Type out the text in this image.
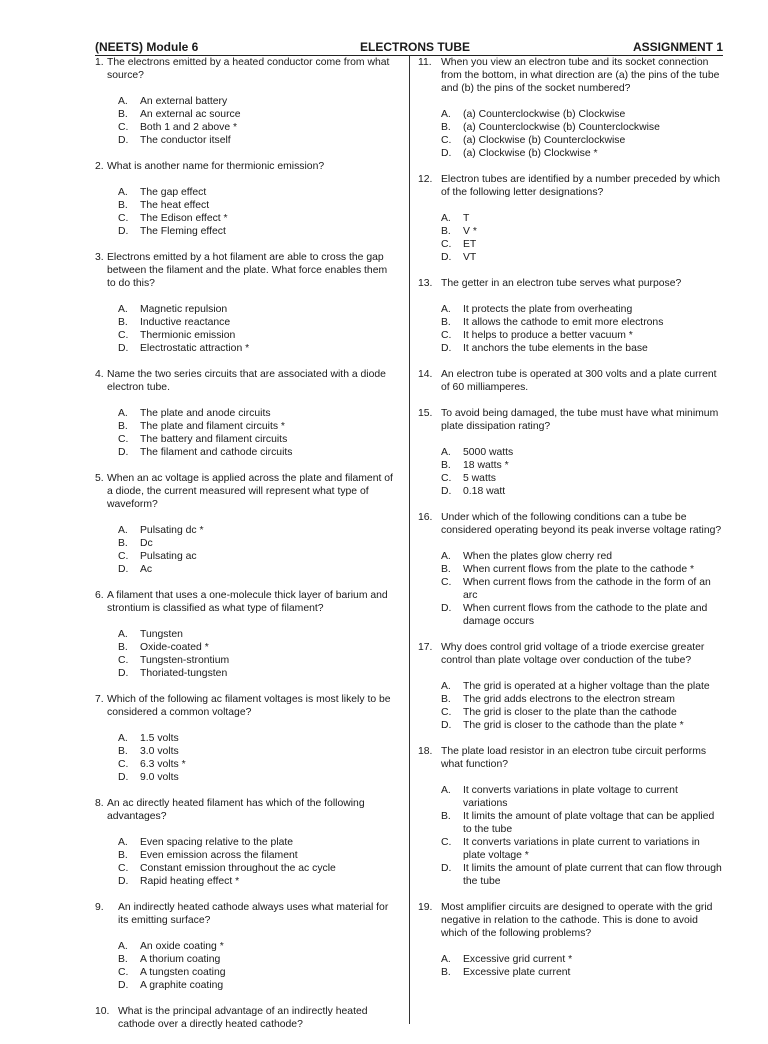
(NEETS) Module 6	ELECTRONS TUBE	ASSIGNMENT 1
1. The electrons emitted by a heated conductor come from what source?
A.	An external battery
B.	An external ac source
C.	Both 1 and 2 above *
D.	The conductor itself
2. What is another name for thermionic emission?
A.	The gap effect
B.	The heat effect
C.	The Edison effect *
D.	The Fleming effect
3. Electrons emitted by a hot filament are able to cross the gap between the filament and the plate. What force enables them to do this?
A.	Magnetic repulsion
B.	Inductive reactance
C.	Thermionic emission
D.	Electrostatic attraction *
4. Name the two series circuits that are associated with a diode electron tube.
A.	The plate and anode circuits
B.	The plate and filament circuits *
C.	The battery and filament circuits
D.	The filament and cathode circuits
5. When an ac voltage is applied across the plate and filament of a diode, the current measured will represent what type of waveform?
A.	Pulsating dc *
B.	Dc
C.	Pulsating ac
D.	Ac
6. A filament that uses a one-molecule thick layer of barium and strontium is classified as what type of filament?
A.	Tungsten
B.	Oxide-coated *
C.	Tungsten-strontium
D.	Thoriated-tungsten
7. Which of the following ac filament voltages is most likely to be considered a common voltage?
A.	1.5 volts
B.	3.0 volts
C.	6.3 volts *
D.	9.0 volts
8. An ac directly heated filament has which of the following advantages?
A.	Even spacing relative to the plate
B.	Even emission across the filament
C.	Constant emission throughout the ac cycle
D.	Rapid heating effect *
9.	An indirectly heated cathode always uses what material for its emitting surface?
A.	An oxide coating *
B.	A thorium coating
C.	A tungsten coating
D.	A graphite coating
10. What is the principal advantage of an indirectly heated cathode over a directly heated cathode?
11. When you view an electron tube and its socket connection from the bottom, in what direction are (a) the pins of the tube and (b) the pins of the socket numbered?
A.	(a) Counterclockwise (b) Clockwise
B.	(a) Counterclockwise (b) Counterclockwise
C.	(a) Clockwise (b) Counterclockwise
D.	(a) Clockwise (b) Clockwise *
12. Electron tubes are identified by a number preceded by which of the following letter designations?
A.	T
B.	V *
C.	ET
D.	VT
13. The getter in an electron tube serves what purpose?
A.	It protects the plate from overheating
B.	It allows the cathode to emit more electrons
C.	It helps to produce a better vacuum *
D.	It anchors the tube elements in the base
14. An electron tube is operated at 300 volts and a plate current of 60 milliamperes.
15. To avoid being damaged, the tube must have what minimum plate dissipation rating?
A.	5000 watts
B.	18 watts *
C.	5 watts
D.	0.18 watt
16. Under which of the following conditions can a tube be considered operating beyond its peak inverse voltage rating?
A.	When the plates glow cherry red
B.	When current flows from the plate to the cathode *
C.	When current flows from the cathode in the form of an arc
D.	When current flows from the cathode to the plate and damage occurs
17. Why does control grid voltage of a triode exercise greater control than plate voltage over conduction of the tube?
A.	The grid is operated at a higher voltage than the plate
B.	The grid adds electrons to the electron stream
C.	The grid is closer to the plate than the cathode
D.	The grid is closer to the cathode than the plate *
18. The plate load resistor in an electron tube circuit performs what function?
A.	It converts variations in plate voltage to current variations
B.	It limits the amount of plate voltage that can be applied to the tube
C.	It converts variations in plate current to variations in plate voltage *
D.	It limits the amount of plate current that can flow through the tube
19. Most amplifier circuits are designed to operate with the grid negative in relation to the cathode. This is done to avoid which of the following problems?
A.	Excessive grid current *
B.	Excessive plate current
